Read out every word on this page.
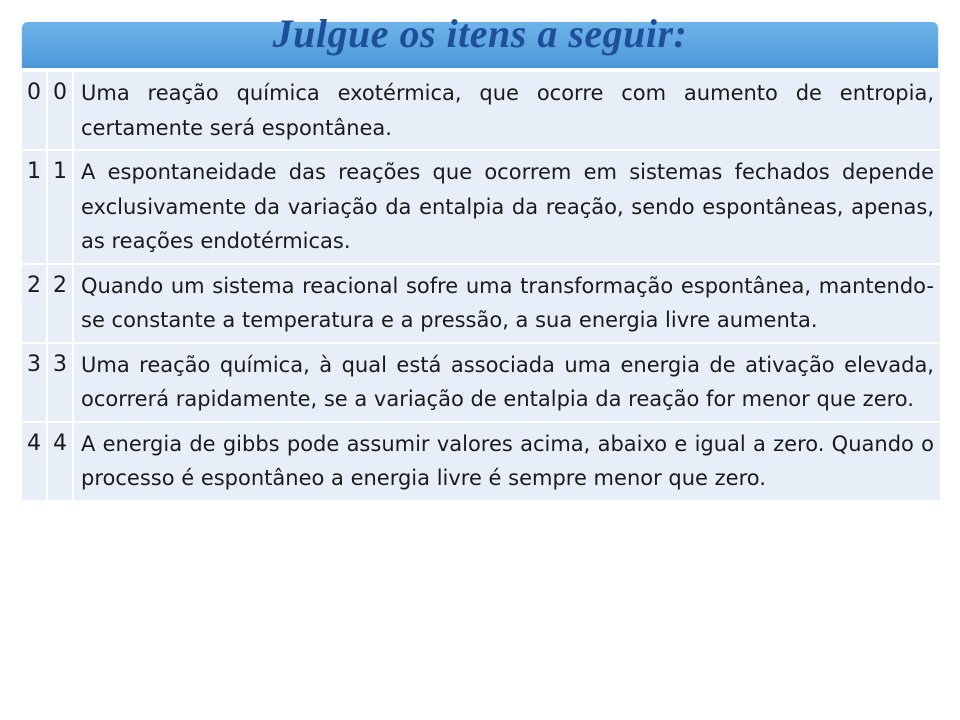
Julgue os itens a seguir:
0	0	Uma reação química exotérmica, que ocorre com aumento de entropia, certamente será espontânea.
1	1	A espontaneidade das reações que ocorrem em sistemas fechados depende exclusivamente da variação da entalpia da reação, sendo espontâneas, apenas, as reações endotérmicas.
2	2	Quando um sistema reacional sofre uma transformação espontânea, mantendo-se constante a temperatura e a pressão, a sua energia livre aumenta.
3	3	Uma reação química, à qual está associada uma energia de ativação elevada, ocorrerá rapidamente, se a variação de entalpia da reação for menor que zero.
4	4	A energia de gibbs pode assumir valores acima, abaixo e igual a zero. Quando o processo é espontâneo a energia livre é sempre menor que zero.
